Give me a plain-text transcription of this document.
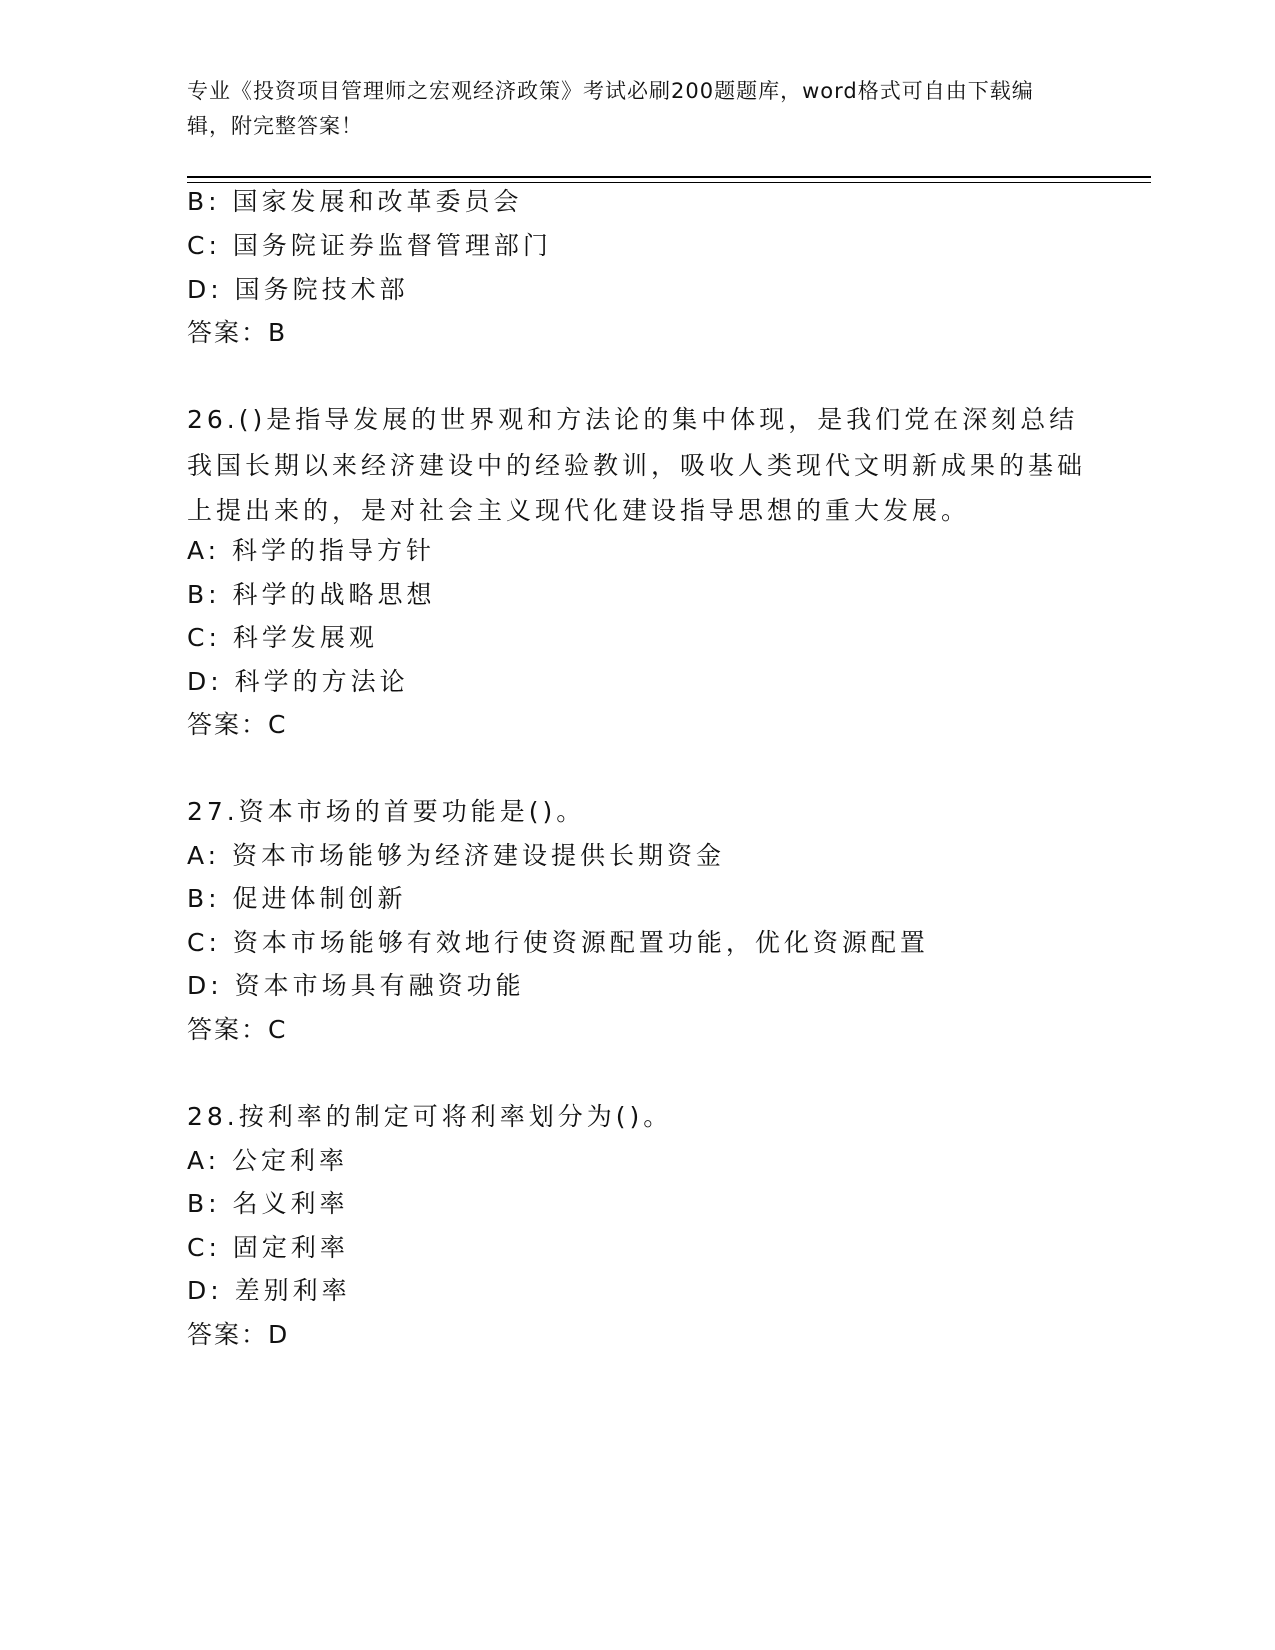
专业《投资项目管理师之宏观经济政策》考试必刷200题题库，word格式可自由下载编辑，附完整答案！
B: 国家发展和改革委员会
C: 国务院证券监督管理部门
D: 国务院技术部
答案：B
26.()是指导发展的世界观和方法论的集中体现，是我们党在深刻总结我国长期以来经济建设中的经验教训，吸收人类现代文明新成果的基础上提出来的，是对社会主义现代化建设指导思想的重大发展。
A: 科学的指导方针
B: 科学的战略思想
C: 科学发展观
D: 科学的方法论
答案：C
27.资本市场的首要功能是()。
A: 资本市场能够为经济建设提供长期资金
B: 促进体制创新
C: 资本市场能够有效地行使资源配置功能，优化资源配置
D: 资本市场具有融资功能
答案：C
28.按利率的制定可将利率划分为()。
A: 公定利率
B: 名义利率
C: 固定利率
D: 差别利率
答案：D
